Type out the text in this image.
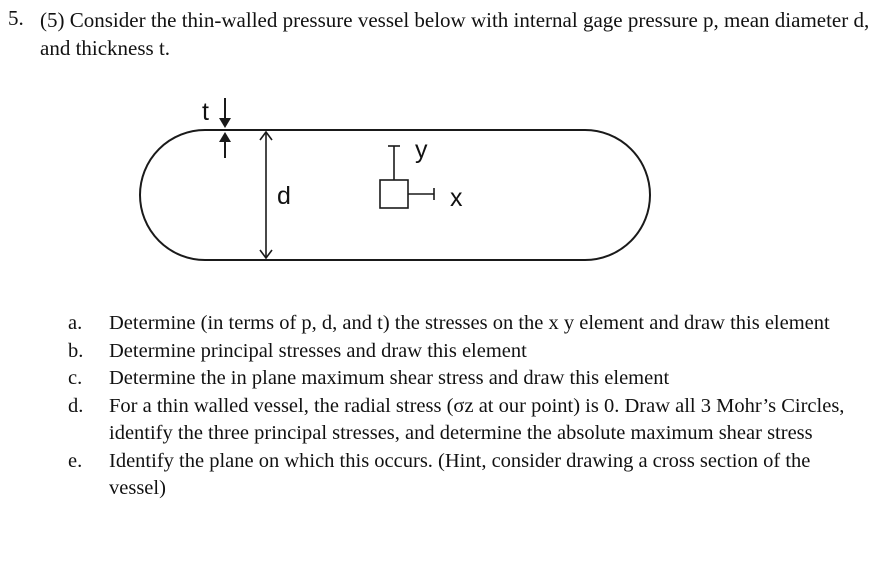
5. (5) Consider the thin-walled pressure vessel below with internal gage pressure p, mean diameter d, and thickness t.
t
d
y
x
a. Determine (in terms of p, d, and t) the stresses on the x y element and draw this element
b. Determine principal stresses and draw this element
c. Determine the in plane maximum shear stress and draw this element
d. For a thin walled vessel, the radial stress (σz at our point) is 0. Draw all 3 Mohr’s Circles, identify the three principal stresses, and determine the absolute maximum shear stress
e. Identify the plane on which this occurs. (Hint, consider drawing a cross section of the vessel)
